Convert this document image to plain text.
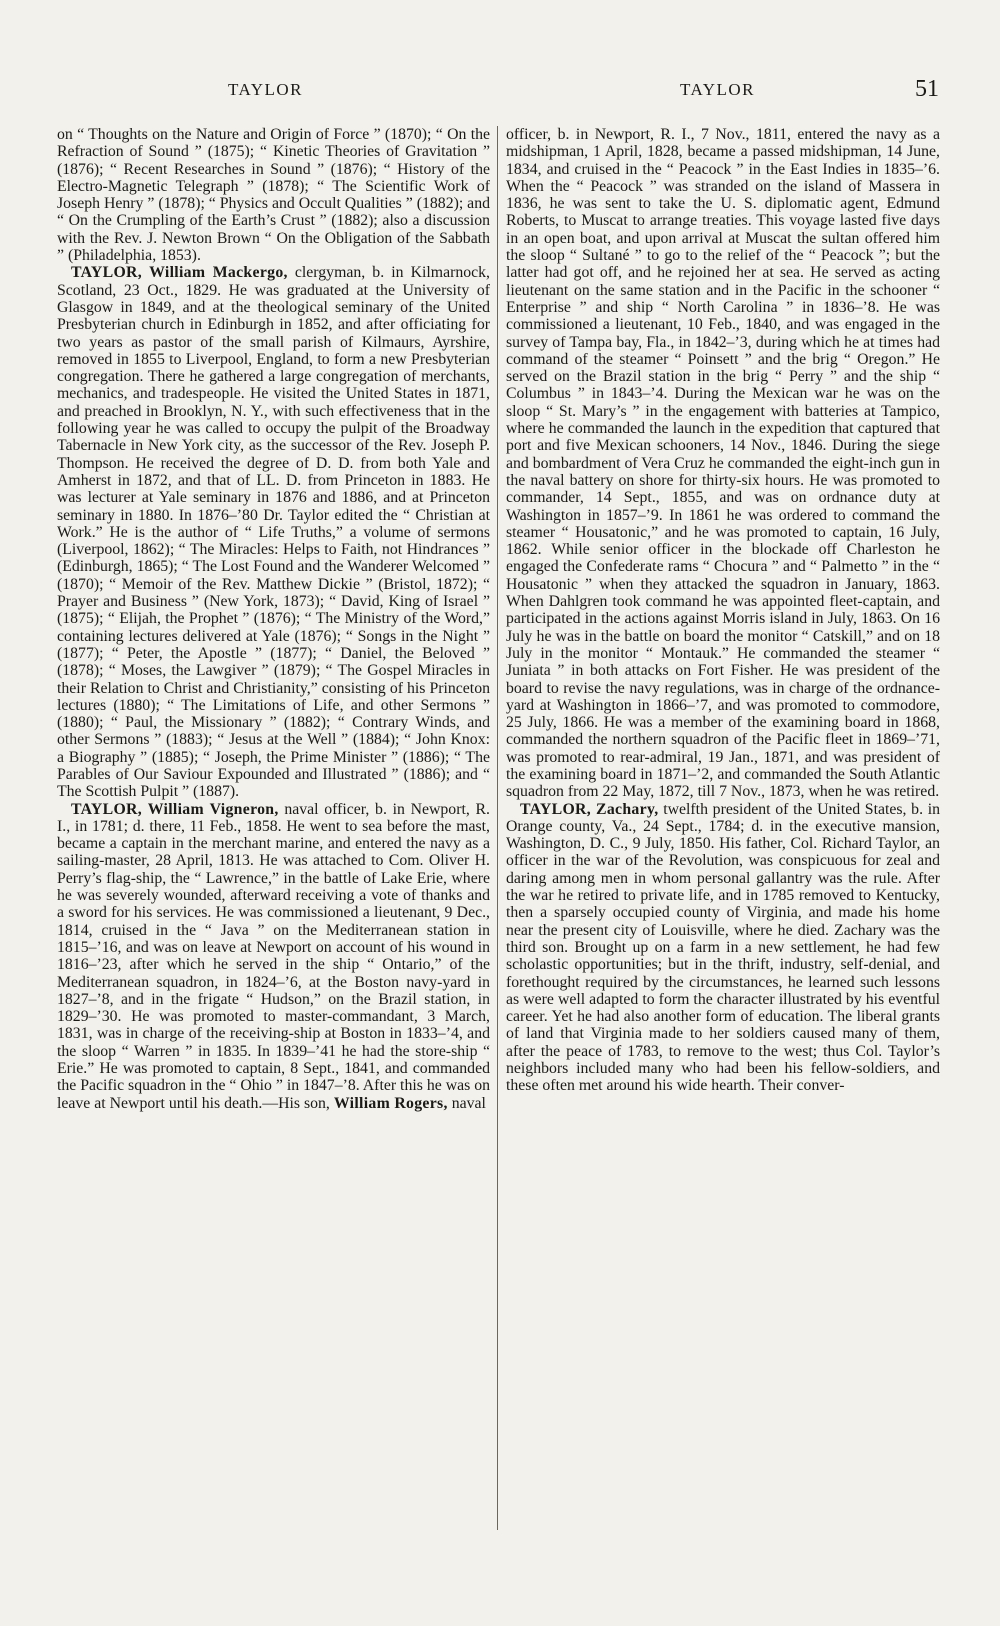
TAYLOR	TAYLOR	51

on “ Thoughts on the Nature and Origin of Force ” (1870); “ On the Refraction of Sound ” (1875); “ Kinetic Theories of Gravitation ” (1876); “ Recent Researches in Sound ” (1876); “ History of the Electro-Magnetic Telegraph ” (1878); “ The Scientific Work of Joseph Henry ” (1878); “ Physics and Occult Qualities ” (1882); and “ On the Crumpling of the Earth’s Crust ” (1882); also a discussion with the Rev. J. Newton Brown “ On the Obligation of the Sabbath ” (Philadelphia, 1853).

TAYLOR, William Mackergo, clergyman, b. in Kilmarnock, Scotland, 23 Oct., 1829. He was graduated at the University of Glasgow in 1849, and at the theological seminary of the United Presbyterian church in Edinburgh in 1852, and after officiating for two years as pastor of the small parish of Kilmaurs, Ayrshire, removed in 1855 to Liverpool, England, to form a new Presbyterian congregation. There he gathered a large congregation of merchants, mechanics, and tradespeople. He visited the United States in 1871, and preached in Brooklyn, N. Y., with such effectiveness that in the following year he was called to occupy the pulpit of the Broadway Tabernacle in New York city, as the successor of the Rev. Joseph P. Thompson. He received the degree of D. D. from both Yale and Amherst in 1872, and that of LL. D. from Princeton in 1883. He was lecturer at Yale seminary in 1876 and 1886, and at Princeton seminary in 1880. In 1876–’80 Dr. Taylor edited the “ Christian at Work.” He is the author of “ Life Truths,” a volume of sermons (Liverpool, 1862); “ The Miracles: Helps to Faith, not Hindrances ” (Edinburgh, 1865); “ The Lost Found and the Wanderer Welcomed ” (1870); “ Memoir of the Rev. Matthew Dickie ” (Bristol, 1872); “ Prayer and Business ” (New York, 1873); “ David, King of Israel ” (1875); “ Elijah, the Prophet ” (1876); “ The Ministry of the Word,” containing lectures delivered at Yale (1876); “ Songs in the Night ” (1877); “ Peter, the Apostle ” (1877); “ Daniel, the Beloved ” (1878); “ Moses, the Lawgiver ” (1879); “ The Gospel Miracles in their Relation to Christ and Christianity,” consisting of his Princeton lectures (1880); “ The Limitations of Life, and other Sermons ” (1880); “ Paul, the Missionary ” (1882); “ Contrary Winds, and other Sermons ” (1883); “ Jesus at the Well ” (1884); “ John Knox: a Biography ” (1885); “ Joseph, the Prime Minister ” (1886); “ The Parables of Our Saviour Expounded and Illustrated ” (1886); and “ The Scottish Pulpit ” (1887).

TAYLOR, William Vigneron, naval officer, b. in Newport, R. I., in 1781; d. there, 11 Feb., 1858. He went to sea before the mast, became a captain in the merchant marine, and entered the navy as a sailing-master, 28 April, 1813. He was attached to Com. Oliver H. Perry’s flag-ship, the “ Lawrence,” in the battle of Lake Erie, where he was severely wounded, afterward receiving a vote of thanks and a sword for his services. He was commissioned a lieutenant, 9 Dec., 1814, cruised in the “ Java ” on the Mediterranean station in 1815–’16, and was on leave at Newport on account of his wound in 1816–’23, after which he served in the ship “ Ontario,” of the Mediterranean squadron, in 1824–’6, at the Boston navy-yard in 1827–’8, and in the frigate “ Hudson,” on the Brazil station, in 1829–’30. He was promoted to master-commandant, 3 March, 1831, was in charge of the receiving-ship at Boston in 1833–’4, and the sloop “ Warren ” in 1835. In 1839–’41 he had the store-ship “ Erie.” He was promoted to captain, 8 Sept., 1841, and commanded the Pacific squadron in the “ Ohio ” in 1847–’8. After this he was on leave at Newport until his death.—His son, William Rogers, naval

officer, b. in Newport, R. I., 7 Nov., 1811, entered the navy as a midshipman, 1 April, 1828, became a passed midshipman, 14 June, 1834, and cruised in the “ Peacock ” in the East Indies in 1835–’6. When the “ Peacock ” was stranded on the island of Massera in 1836, he was sent to take the U. S. diplomatic agent, Edmund Roberts, to Muscat to arrange treaties. This voyage lasted five days in an open boat, and upon arrival at Muscat the sultan offered him the sloop “ Sultané ” to go to the relief of the “ Peacock ”; but the latter had got off, and he rejoined her at sea. He served as acting lieutenant on the same station and in the Pacific in the schooner “ Enterprise ” and ship “ North Carolina ” in 1836–’8. He was commissioned a lieutenant, 10 Feb., 1840, and was engaged in the survey of Tampa bay, Fla., in 1842–’3, during which he at times had command of the steamer “ Poinsett ” and the brig “ Oregon.” He served on the Brazil station in the brig “ Perry ” and the ship “ Columbus ” in 1843–’4. During the Mexican war he was on the sloop “ St. Mary’s ” in the engagement with batteries at Tampico, where he commanded the launch in the expedition that captured that port and five Mexican schooners, 14 Nov., 1846. During the siege and bombardment of Vera Cruz he commanded the eight-inch gun in the naval battery on shore for thirty-six hours. He was promoted to commander, 14 Sept., 1855, and was on ordnance duty at Washington in 1857–’9. In 1861 he was ordered to command the steamer “ Housatonic,” and he was promoted to captain, 16 July, 1862. While senior officer in the blockade off Charleston he engaged the Confederate rams “ Chocura ” and “ Palmetto ” in the “ Housatonic ” when they attacked the squadron in January, 1863. When Dahlgren took command he was appointed fleet-captain, and participated in the actions against Morris island in July, 1863. On 16 July he was in the battle on board the monitor “ Catskill,” and on 18 July in the monitor “ Montauk.” He commanded the steamer “ Juniata ” in both attacks on Fort Fisher. He was president of the board to revise the navy regulations, was in charge of the ordnance-yard at Washington in 1866–’7, and was promoted to commodore, 25 July, 1866. He was a member of the examining board in 1868, commanded the northern squadron of the Pacific fleet in 1869–’71, was promoted to rear-admiral, 19 Jan., 1871, and was president of the examining board in 1871–’2, and commanded the South Atlantic squadron from 22 May, 1872, till 7 Nov., 1873, when he was retired.

TAYLOR, Zachary, twelfth president of the United States, b. in Orange county, Va., 24 Sept., 1784; d. in the executive mansion, Washington, D. C., 9 July, 1850. His father, Col. Richard Taylor, an officer in the war of the Revolution, was conspicuous for zeal and daring among men in whom personal gallantry was the rule. After the war he retired to private life, and in 1785 removed to Kentucky, then a sparsely occupied county of Virginia, and made his home near the present city of Louisville, where he died. Zachary was the third son. Brought up on a farm in a new settlement, he had few scholastic opportunities; but in the thrift, industry, self-denial, and forethought required by the circumstances, he learned such lessons as were well adapted to form the character illustrated by his eventful career. Yet he had also another form of education. The liberal grants of land that Virginia made to her soldiers caused many of them, after the peace of 1783, to remove to the west; thus Col. Taylor’s neighbors included many who had been his fellow-soldiers, and these often met around his wide hearth. Their conver-
